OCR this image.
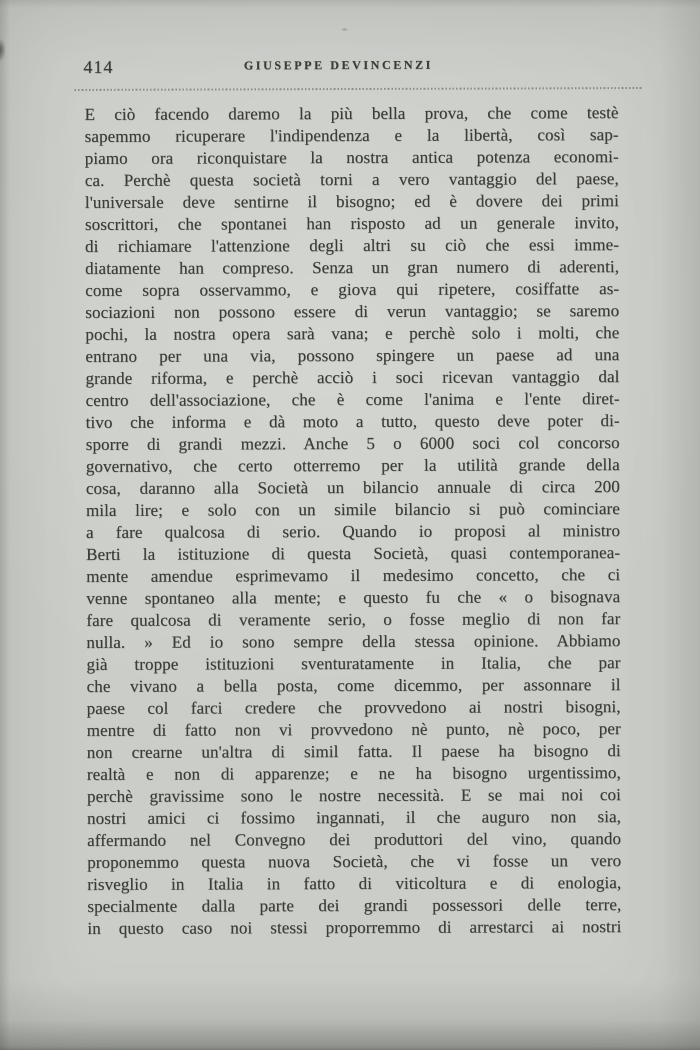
414	GIUSEPPE DEVINCENZI
E ciò facendo daremo la più bella prova, che come testè
sapemmo ricuperare l'indipendenza e la libertà, così sap-
piamo ora riconquistare la nostra antica potenza economi-
ca. Perchè questa società torni a vero vantaggio del paese,
l'universale deve sentirne il bisogno; ed è dovere dei primi
soscrittori, che spontanei han risposto ad un generale invito,
di richiamare l'attenzione degli altri su ciò che essi imme-
diatamente han compreso. Senza un gran numero di aderenti,
come sopra osservammo, e giova qui ripetere, cosiffatte as-
sociazioni non possono essere di verun vantaggio; se saremo
pochi, la nostra opera sarà vana; e perchè solo i molti, che
entrano per una via, possono spingere un paese ad una
grande riforma, e perchè acciò i soci ricevan vantaggio dal
centro dell'associazione, che è come l'anima e l'ente diret-
tivo che informa e dà moto a tutto, questo deve poter di-
sporre di grandi mezzi. Anche 5 o 6000 soci col concorso
governativo, che certo otterremo per la utilità grande della
cosa, daranno alla Società un bilancio annuale di circa 200
mila lire; e solo con un simile bilancio si può cominciare
a fare qualcosa di serio. Quando io proposi al ministro
Berti la istituzione di questa Società, quasi contemporanea-
mente amendue esprimevamo il medesimo concetto, che ci
venne spontaneo alla mente; e questo fu che « o bisognava
fare qualcosa di veramente serio, o fosse meglio di non far
nulla. » Ed io sono sempre della stessa opinione. Abbiamo
già troppe istituzioni sventuratamente in Italia, che par
che vivano a bella posta, come dicemmo, per assonnare il
paese col farci credere che provvedono ai nostri bisogni,
mentre di fatto non vi provvedono nè punto, nè poco, per
non crearne un'altra di simil fatta. Il paese ha bisogno di
realtà e non di apparenze; e ne ha bisogno urgentissimo,
perchè gravissime sono le nostre necessità. E se mai noi coi
nostri amici ci fossimo ingannati, il che auguro non sia,
affermando nel Convegno dei produttori del vino, quando
proponemmo questa nuova Società, che vi fosse un vero
risveglio in Italia in fatto di viticoltura e di enologia,
specialmente dalla parte dei grandi possessori delle terre,
in questo caso noi stessi proporremmo di arrestarci ai nostri
